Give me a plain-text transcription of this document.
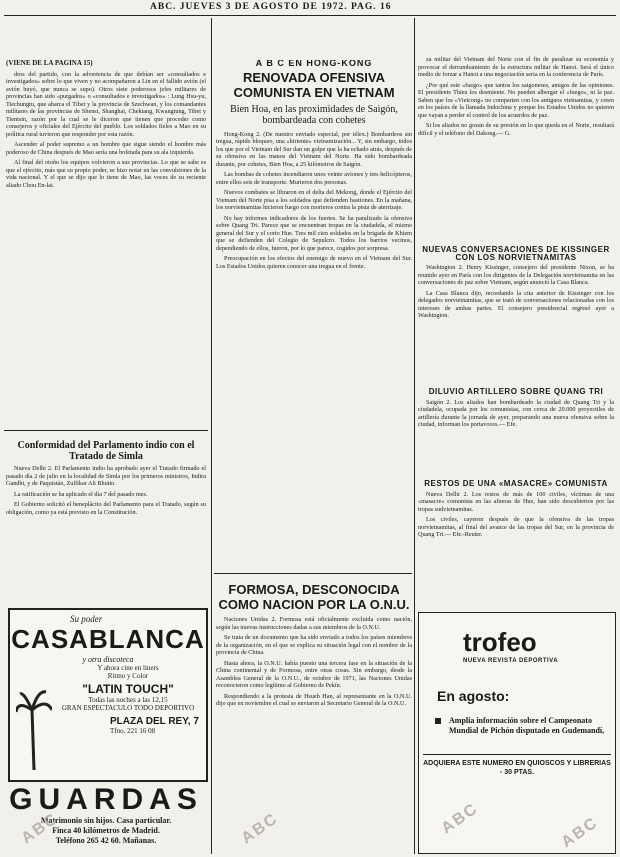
ABC. JUEVES 3 DE AGOSTO DE 1972. PAG. 16
(VIENE DE LA PAGINA 15)

dros del partido, con la advertencia de que debían ser «consultados e investigados» sobre lo que viven y no acompañaron a Lin en el fallido avión (el avión huyó, que nunca se supo). Otros siete poderosos jefes militares de provincias han sido «purgados» o «consultados e investigados» : Lung Hsu-yu, Tiechungtu, que abarca el Tíbet y la provincia de Szechwan, y los comandantes militares de las provincias de Shensi, Shanghai, Chekiang, Kwangtung, Tibet y Tientsin, razón por la cual se le diceron que tienen que proceder como consejeros y oficiales del Ejército del pueblo. Los soldados fieles a Mao en su política rural tuvieron que responder por esta razón.

Ascender al poder supremo a un hombre que sigue siendo el hombre más poderoso de China después de Mao sería una bofetada para su ala izquierda.

Al final del otoño los equipos volvieron a sus provincias. Lo que se sabe es que el ejército, más que su propio poder, se hizo notar en las convulsiones de la vida nacional. Y el que se dijo que lo tiene de Mao, las voces de su reciente aliado Chou En-lai.

Conformidad del Parlamento indio con el Tratado de Simla

Nueva Delhi 2. El Parlamento indio ha aprobado ayer el Tratado firmado el pasado día 2 de julio en la localidad de Simla por los primeros ministros, Indira Gandhi, y de Paquistán, Zulfikar Ali Bhutto.

La ratificación se ha aplicado el día 7 del pasado mes.

El Gobierno solicitó el beneplácito del Parlamento para el Tratado, según su obligación, como ya está previsto en la Constitución.

Su poder
CASABLANCA
y otra discoteca
Y ahora cine en liners
Ritmo y Color
"LATIN TOUCH"
Todas las noches a las 12,15
GRAN ESPECTACULO TODO DEPORTIVO
PLAZA DEL REY, 7
Tfno. 221 16 08
GUARDAS
Matrimonio sin hijos. Casa particular.
Finca 40 kilómetros de Madrid.
Teléfono 265 42 60. Mañanas.
A B C EN HONG-KONG
RENOVADA OFENSIVA COMUNISTA EN VIETNAM
Bien Hoa, en las proximidades de Saigón, bombardeada con cohetes

Hong-Kong 2. (De nuestro enviado especial, por télex.) Bombardeos sin tregua, rápido bloqueo, una «hiriente» vietnamización... Y, sin embargo, todos los que por el Vietnam del Sur dan un golpe que la ha echado atrás, después de su ofensiva en las manos del Vietnam del Norte. Ha sido bombardeada durante, por cohetes, Bien Hoa, a 25 kilómetros de Saigón.

Las bombas de cohetes incendiaron unos veinte aviones y tres helicópteros, entre ellos seis de transporte. Murieron dos personas.

Nuevos combates se libraron en el delta del Mekong, donde el Ejército del Vietnam del Norte pisa a los soldados que defienden bastiones. En la mañana, los norvietnamitas hicieron fuego con morteros contra la pista de aterrizaje.

No hay informes indicadores de los fuertes. Se ha paralizado la ofensiva sobre Quang Tri. Parece que se encuentran tropas en la ciudadela, el mismo general del Sur y el corto Hue. Tres mil cien soldados en la brigada de Khiem que se defienden del Colegio de Sepulcro. Todos los barrios vecinos, dependiendo de ellos, fueron, por lo que parece, cogidos por sorpresa.

Preocupación en los efectos del enemigo de nuevo en el Vietnam del Sur. Los Estados Unidos quieren conocer una tregua en el frente.

FORMOSA, DESCONOCIDA COMO NACION POR LA O.N.U.

Naciones Unidas 2. Formosa está oficialmente excluida como nación, según las nuevas instrucciones dadas a sus miembros de la O.N.U.

Se trata de un documento que ha sido enviado a todos los países miembros de la organización, en el que se explica su situación legal con el nombre de la provincia de China.

Hasta ahora, la O.N.U. había puesto una tercera fase en la situación de la China continental y de Formosa, entre otras cosas. Sin embargo, desde la Asamblea General de la O.N.U., de octubre de 1971, las Naciones Unidas reconocieron como legítimo al Gobierno de Pekín.

Respondiendo a la protesta de Hsueh Han, al representante en la O.N.U. dijo que en noviembre el cual se enviaron al Secretario General de la O.N.U.

za militar del Vietnam del Norte con el fin de paralizar su economía y provocar el derrumbamiento de la estructura militar de Hanoi. Será el único medio de forzar a Hanoi a una negociación seria en la conferencia de París.

¿Por qué este «fuego» que tantos los saigoneses, amigos de las opiniones. El presidente Thieu los desmiente. No pueden albergar el «fuego», ni la paz. Saben que los «Vietcong» no comparten con los antiguos vietnamitas, y creen en los países de la llamada Indochina y porque los Estados Unidos no quieren que vayan a perder el control de los acuerdos de paz.

Si los aliados no gozan de su presión en lo que queda en el Norte, resultará difícil y el teléfono del Dakong.— G.

NUEVAS CONVERSACIONES DE KISSINGER CON LOS NORVIETNAMITAS

Washington 2. Henry Kissinger, consejero del presidente Nixon, se ha reunido ayer en París con los dirigentes de la Delegación norvietnamita en las conversaciones de paz sobre Vietnam, según anunció la Casa Blanca.

La Casa Blanca dijo, recordando la cita anterior de Kissinger con los delegados norvietnamitas, que se trató de conversaciones relacionadas con los intereses de ambas partes. El consejero presidencial regresó ayer a Washington.

DILUVIO ARTILLERO SOBRE QUANG TRI

Saigón 2. Los aliados han bombardeado la ciudad de Quang Tri y la ciudadela, ocupada por los comunistas, con cerca de 20.000 proyectiles de artillería durante la jornada de ayer, preparando una nueva ofensiva sobre la ciudad, informan los portavoces.— Efe.

RESTOS DE UNA «MASACRE» COMUNISTA

Nueva Delhi 2. Los restos de más de 100 civiles, víctimas de una «masacre» comunista en las afueras de Hue, han sido descubiertos por las tropas sudvietnamitas.

Los civiles, cayeron después de que la ofensiva de las tropas norvietnamitas, al final del avance de las tropas del Sur, en la provincia de Quang Tri.— Efe.-Reuter.

trofeo
NUEVA REVISTA DEPORTIVA
En agosto:
Amplia información sobre el Campeonato Mundial de Pichón disputado en Gudemandí,
ADQUIERA ESTE NUMERO EN QUIOSCOS Y LIBRERIAS - 30 PTAS.
ABC	ABC	ABC	ABC
